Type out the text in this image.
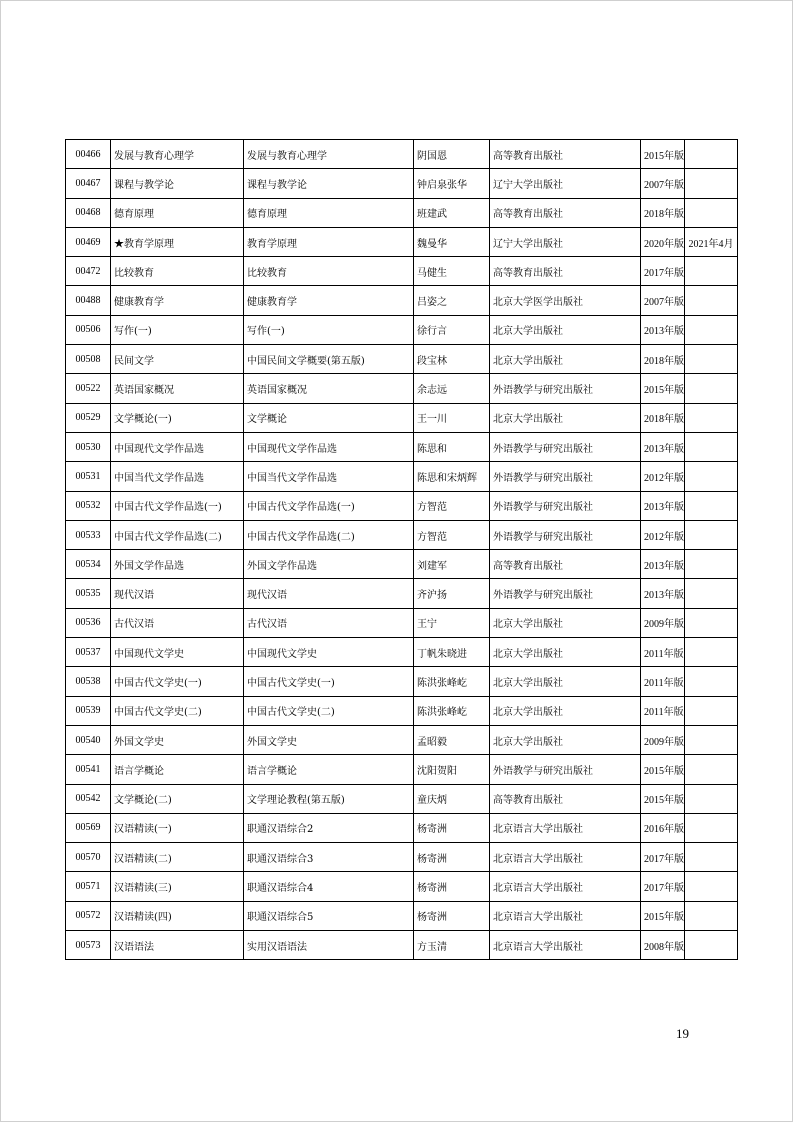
00466	发展与教育心理学	发展与教育心理学	阴国恩	高等教育出版社	2015年版	
00467	课程与教学论	课程与教学论	钟启泉张华	辽宁大学出版社	2007年版	
00468	德育原理	德育原理	班建武	高等教育出版社	2018年版	
00469	★教育学原理	教育学原理	魏曼华	辽宁大学出版社	2020年版	2021年4月
00472	比较教育	比较教育	马健生	高等教育出版社	2017年版	
00488	健康教育学	健康教育学	吕姿之	北京大学医学出版社	2007年版	
00506	写作(一)	写作(一)	徐行言	北京大学出版社	2013年版	
00508	民间文学	中国民间文学概要(第五版)	段宝林	北京大学出版社	2018年版	
00522	英语国家概况	英语国家概况	余志远	外语教学与研究出版社	2015年版	
00529	文学概论(一)	文学概论	王一川	北京大学出版社	2018年版	
00530	中国现代文学作品选	中国现代文学作品选	陈思和	外语教学与研究出版社	2013年版	
00531	中国当代文学作品选	中国当代文学作品选	陈思和宋炳辉	外语教学与研究出版社	2012年版	
00532	中国古代文学作品选(一)	中国古代文学作品选(一)	方智范	外语教学与研究出版社	2013年版	
00533	中国古代文学作品选(二)	中国古代文学作品选(二)	方智范	外语教学与研究出版社	2012年版	
00534	外国文学作品选	外国文学作品选	刘建军	高等教育出版社	2013年版	
00535	现代汉语	现代汉语	齐沪扬	外语教学与研究出版社	2013年版	
00536	古代汉语	古代汉语	王宁	北京大学出版社	2009年版	
00537	中国现代文学史	中国现代文学史	丁帆朱晓进	北京大学出版社	2011年版	
00538	中国古代文学史(一)	中国古代文学史(一)	陈洪张峰屹	北京大学出版社	2011年版	
00539	中国古代文学史(二)	中国古代文学史(二)	陈洪张峰屹	北京大学出版社	2011年版	
00540	外国文学史	外国文学史	孟昭毅	北京大学出版社	2009年版	
00541	语言学概论	语言学概论	沈阳贺阳	外语教学与研究出版社	2015年版	
00542	文学概论(二)	文学理论教程(第五版)	童庆炳	高等教育出版社	2015年版	
00569	汉语精读(一)	职通汉语综合2	杨寄洲	北京语言大学出版社	2016年版	
00570	汉语精读(二)	职通汉语综合3	杨寄洲	北京语言大学出版社	2017年版	
00571	汉语精读(三)	职通汉语综合4	杨寄洲	北京语言大学出版社	2017年版	
00572	汉语精读(四)	职通汉语综合5	杨寄洲	北京语言大学出版社	2015年版	
00573	汉语语法	实用汉语语法	方玉清	北京语言大学出版社	2008年版	
19
